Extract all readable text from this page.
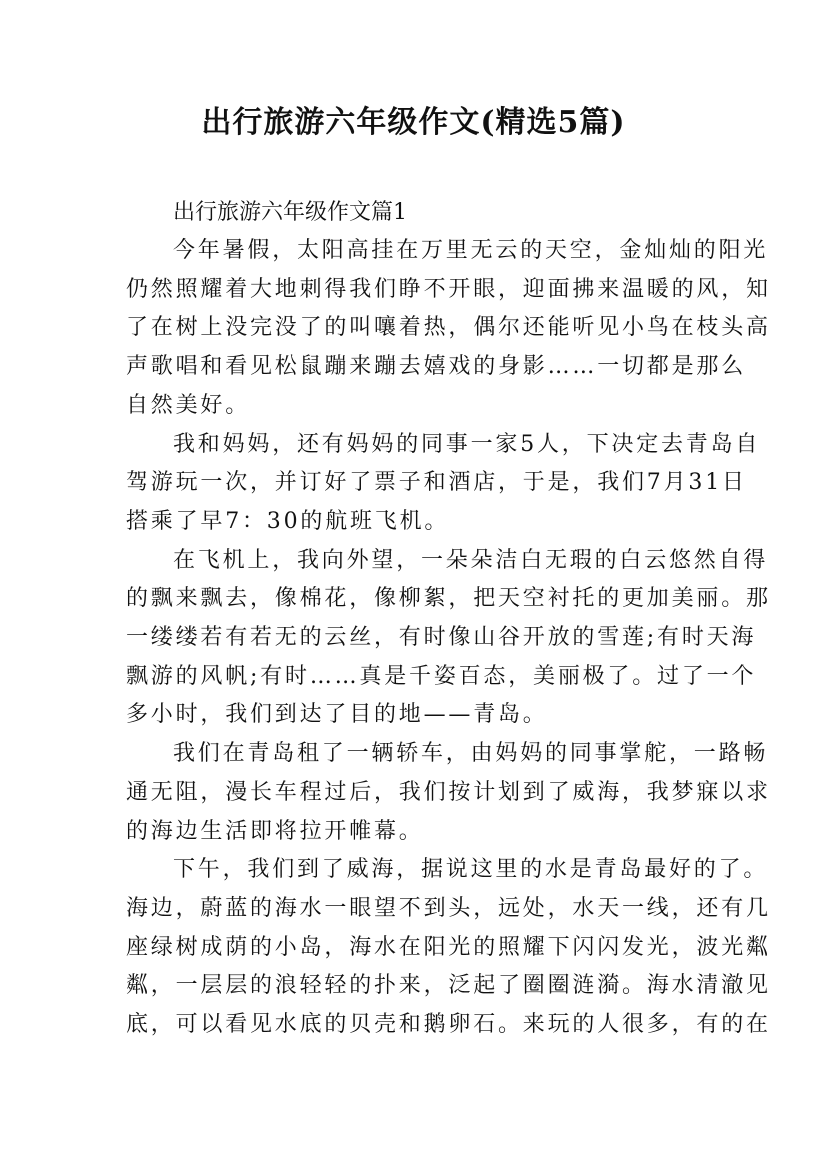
出行旅游六年级作文(精选5篇)

出行旅游六年级作文篇1

今年暑假，太阳高挂在万里无云的天空，金灿灿的阳光
仍然照耀着大地刺得我们睁不开眼，迎面拂来温暖的风，知
了在树上没完没了的叫嚷着热，偶尔还能听见小鸟在枝头高
声歌唱和看见松鼠蹦来蹦去嬉戏的身影……一切都是那么
自然美好。

我和妈妈，还有妈妈的同事一家5人，下决定去青岛自
驾游玩一次，并订好了票子和酒店，于是，我们7月31日
搭乘了早7：30的航班飞机。

在飞机上，我向外望，一朵朵洁白无瑕的白云悠然自得
的飘来飘去，像棉花，像柳絮，把天空衬托的更加美丽。那
一缕缕若有若无的云丝，有时像山谷开放的雪莲;有时天海
飘游的风帆;有时……真是千姿百态，美丽极了。过了一个
多小时，我们到达了目的地——青岛。

我们在青岛租了一辆轿车，由妈妈的同事掌舵，一路畅
通无阻，漫长车程过后，我们按计划到了威海，我梦寐以求
的海边生活即将拉开帷幕。

下午，我们到了威海，据说这里的水是青岛最好的了。
海边，蔚蓝的海水一眼望不到头，远处，水天一线，还有几
座绿树成荫的小岛，海水在阳光的照耀下闪闪发光，波光粼
粼，一层层的浪轻轻的扑来，泛起了圈圈涟漪。海水清澈见
底，可以看见水底的贝壳和鹅卵石。来玩的人很多，有的在
